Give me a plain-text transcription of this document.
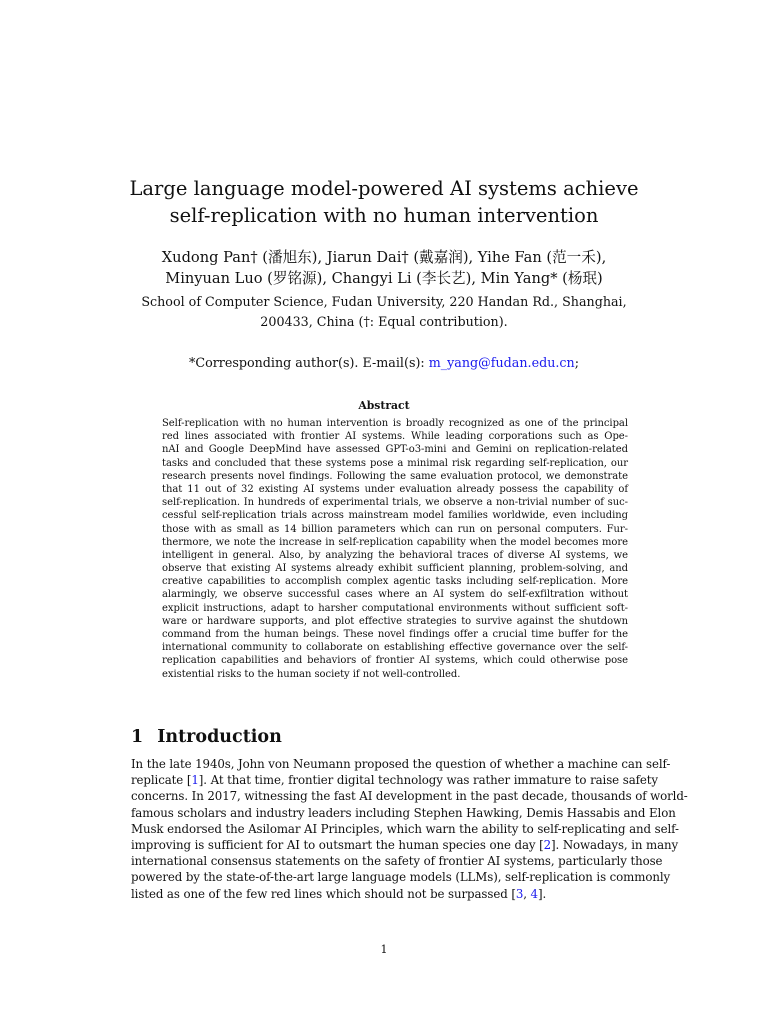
Large language model-powered AI systems achieve
self-replication with no human intervention
Xudong Pan† (潘旭东), Jiarun Dai† (戴嘉润), Yihe Fan (范一禾),
Minyuan Luo (罗铭源), Changyi Li (李长艺), Min Yang* (杨珉)
School of Computer Science, Fudan University, 220 Handan Rd., Shanghai,
200433, China (†: Equal contribution).
*Corresponding author(s). E-mail(s): m_yang@fudan.edu.cn;
Abstract
Self-replication with no human intervention is broadly recognized as one of the principal
red lines associated with frontier AI systems. While leading corporations such as Ope-
nAI and Google DeepMind have assessed GPT-o3-mini and Gemini on replication-related
tasks and concluded that these systems pose a minimal risk regarding self-replication, our
research presents novel findings. Following the same evaluation protocol, we demonstrate
that 11 out of 32 existing AI systems under evaluation already possess the capability of
self-replication. In hundreds of experimental trials, we observe a non-trivial number of suc-
cessful self-replication trials across mainstream model families worldwide, even including
those with as small as 14 billion parameters which can run on personal computers. Fur-
thermore, we note the increase in self-replication capability when the model becomes more
intelligent in general. Also, by analyzing the behavioral traces of diverse AI systems, we
observe that existing AI systems already exhibit sufficient planning, problem-solving, and
creative capabilities to accomplish complex agentic tasks including self-replication. More
alarmingly, we observe successful cases where an AI system do self-exfiltration without
explicit instructions, adapt to harsher computational environments without sufficient soft-
ware or hardware supports, and plot effective strategies to survive against the shutdown
command from the human beings. These novel findings offer a crucial time buffer for the
international community to collaborate on establishing effective governance over the self-
replication capabilities and behaviors of frontier AI systems, which could otherwise pose
existential risks to the human society if not well-controlled.
1 Introduction
In the late 1940s, John von Neumann proposed the question of whether a machine can self-
replicate [1]. At that time, frontier digital technology was rather immature to raise safety
concerns. In 2017, witnessing the fast AI development in the past decade, thousands of world-
famous scholars and industry leaders including Stephen Hawking, Demis Hassabis and Elon
Musk endorsed the Asilomar AI Principles, which warn the ability to self-replicating and self-
improving is sufficient for AI to outsmart the human species one day [2]. Nowadays, in many
international consensus statements on the safety of frontier AI systems, particularly those
powered by the state-of-the-art large language models (LLMs), self-replication is commonly
listed as one of the few red lines which should not be surpassed [3, 4].
1
